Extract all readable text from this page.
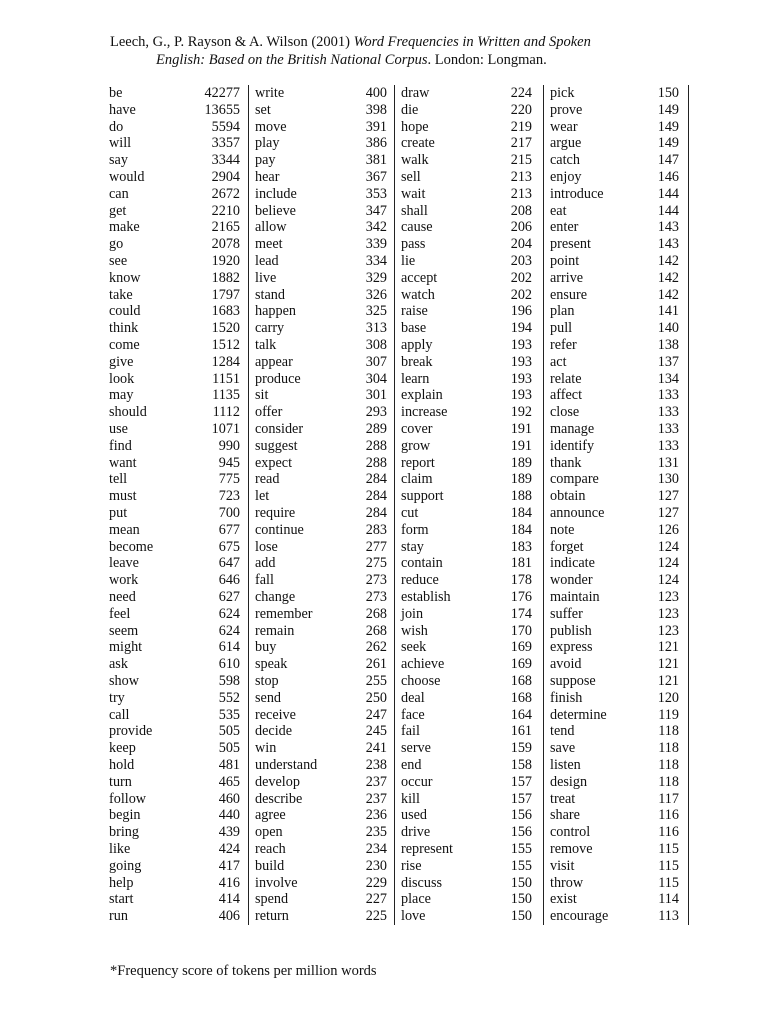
Leech, G., P. Rayson & A. Wilson (2001) Word Frequencies in Written and Spoken
English: Based on the British National Corpus. London: Longman.
be	42277
have	13655
do	5594
will	3357
say	3344
would	2904
can	2672
get	2210
make	2165
go	2078
see	1920
know	1882
take	1797
could	1683
think	1520
come	1512
give	1284
look	1151
may	1135
should	1112
use	1071
find	990
want	945
tell	775
must	723
put	700
mean	677
become	675
leave	647
work	646
need	627
feel	624
seem	624
might	614
ask	610
show	598
try	552
call	535
provide	505
keep	505
hold	481
turn	465
follow	460
begin	440
bring	439
like	424
going	417
help	416
start	414
run	406
write	400
set	398
move	391
play	386
pay	381
hear	367
include	353
believe	347
allow	342
meet	339
lead	334
live	329
stand	326
happen	325
carry	313
talk	308
appear	307
produce	304
sit	301
offer	293
consider	289
suggest	288
expect	288
read	284
let	284
require	284
continue	283
lose	277
add	275
fall	273
change	273
remember	268
remain	268
buy	262
speak	261
stop	255
send	250
receive	247
decide	245
win	241
understand	238
develop	237
describe	237
agree	236
open	235
reach	234
build	230
involve	229
spend	227
return	225
draw	224
die	220
hope	219
create	217
walk	215
sell	213
wait	213
shall	208
cause	206
pass	204
lie	203
accept	202
watch	202
raise	196
base	194
apply	193
break	193
learn	193
explain	193
increase	192
cover	191
grow	191
report	189
claim	189
support	188
cut	184
form	184
stay	183
contain	181
reduce	178
establish	176
join	174
wish	170
seek	169
achieve	169
choose	168
deal	168
face	164
fail	161
serve	159
end	158
occur	157
kill	157
used	156
drive	156
represent	155
rise	155
discuss	150
place	150
love	150
pick	150
prove	149
wear	149
argue	149
catch	147
enjoy	146
introduce	144
eat	144
enter	143
present	143
point	142
arrive	142
ensure	142
plan	141
pull	140
refer	138
act	137
relate	134
affect	133
close	133
manage	133
identify	133
thank	131
compare	130
obtain	127
announce	127
note	126
forget	124
indicate	124
wonder	124
maintain	123
suffer	123
publish	123
express	121
avoid	121
suppose	121
finish	120
determine	119
tend	118
save	118
listen	118
design	118
treat	117
share	116
control	116
remove	115
visit	115
throw	115
exist	114
encourage	113
*Frequency score of tokens per million words
